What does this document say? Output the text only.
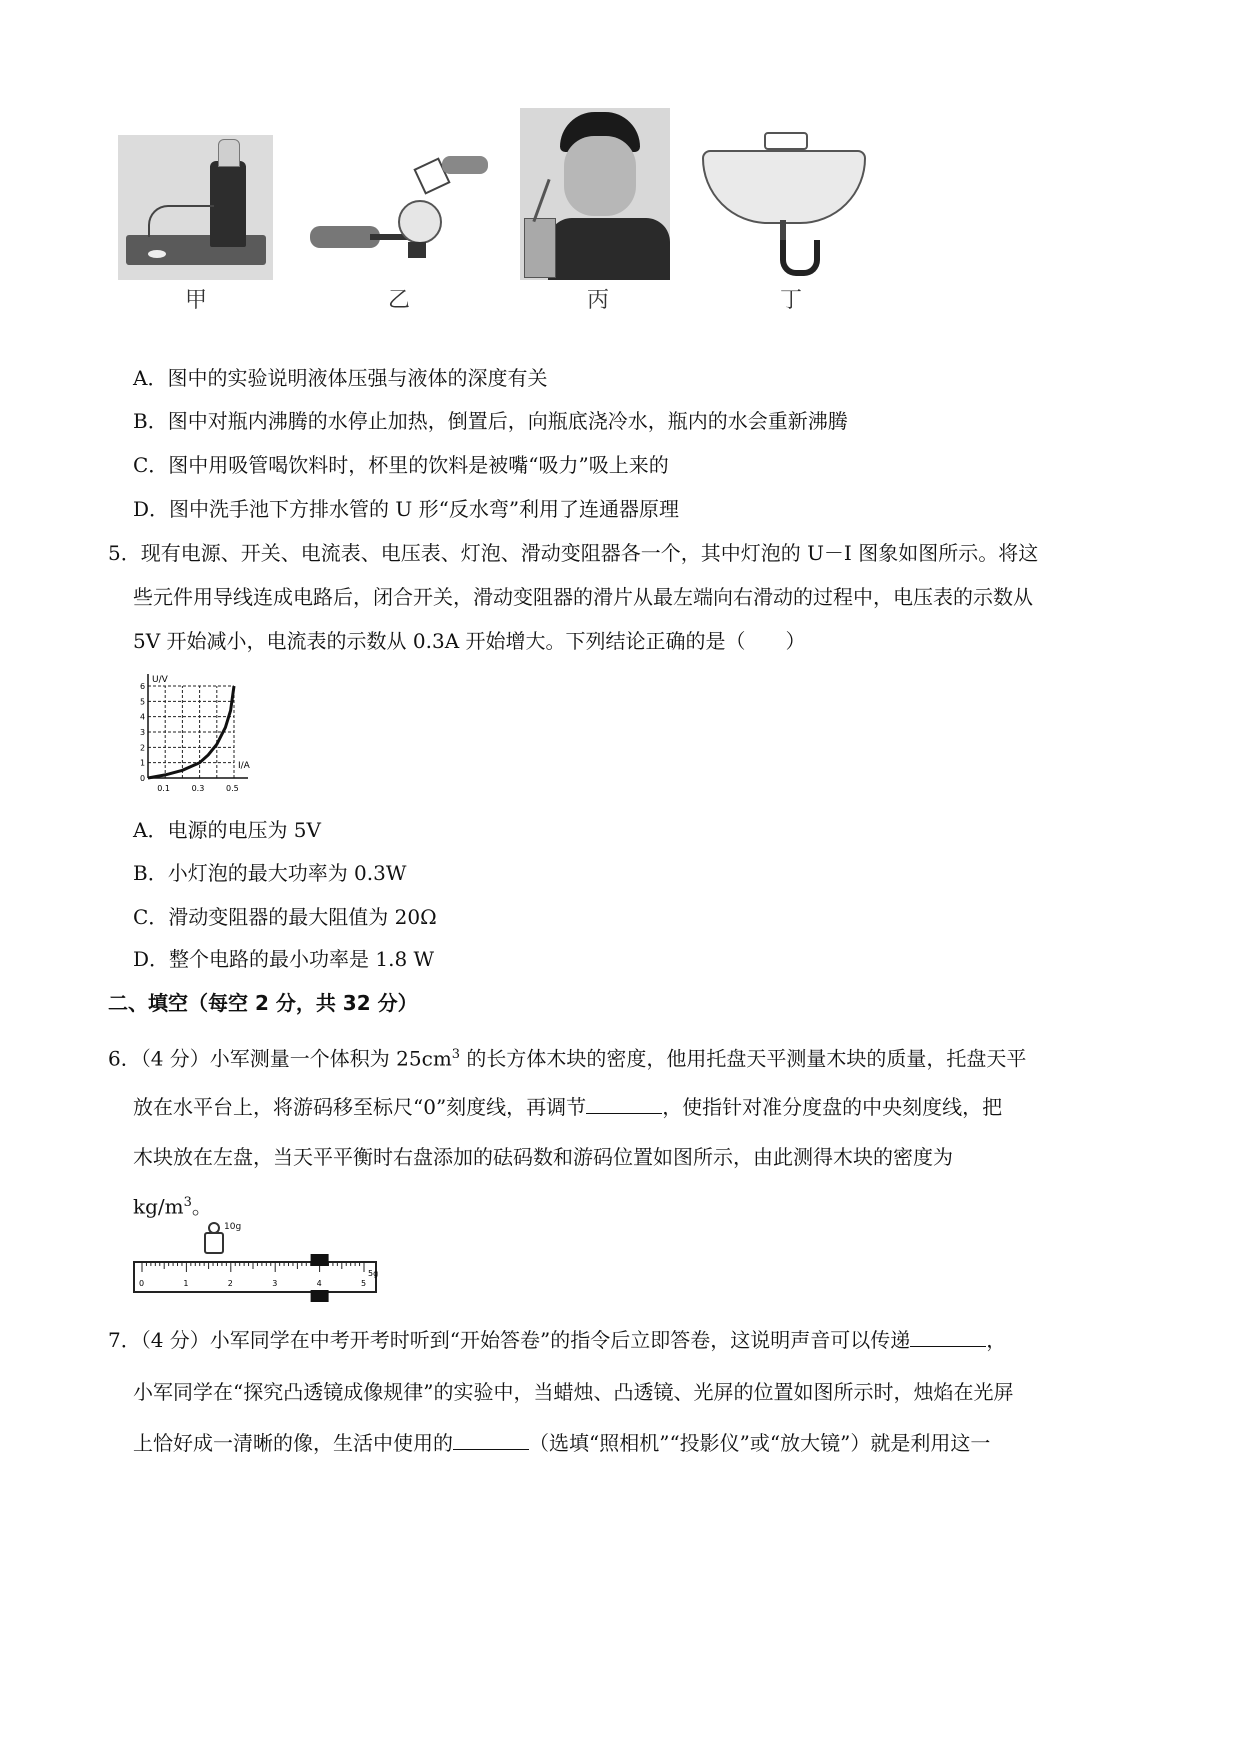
甲	乙	丙	丁
A．图中的实验说明液体压强与液体的深度有关
B．图中对瓶内沸腾的水停止加热，倒置后，向瓶底浇冷水，瓶内的水会重新沸腾
C．图中用吸管喝饮料时，杯里的饮料是被嘴“吸力”吸上来的
D．图中洗手池下方排水管的 U 形“反水弯”利用了连通器原理
5．现有电源、开关、电流表、电压表、灯泡、滑动变阻器各一个，其中灯泡的 U－I 图象如图所示。将这
些元件用导线连成电路后，闭合开关，滑动变阻器的滑片从最左端向右滑动的过程中，电压表的示数从
5V 开始减小，电流表的示数从 0.3A 开始增大。下列结论正确的是（　　）
0
1
2
3
4
5
6
0.1	0.3	0.5
U/V
I/A
A．电源的电压为 5V
B．小灯泡的最大功率为 0.3W
C．滑动变阻器的最大阻值为 20Ω
D．整个电路的最小功率是 1.8 W
二、填空（每空 2 分，共 32 分）
6．（4 分）小军测量一个体积为 $25cm^3$ 的长方体木块的密度，他用托盘天平测量木块的质量，托盘天平
放在水平台上，将游码移至标尺“0”刻度线，再调节	，使指针对准分度盘的中央刻度线，把
木块放在左盘，当天平平衡时右盘添加的砝码数和游码位置如图所示，由此测得木块的密度为
$kg/m^3$。
10g
0	1	2	3	4	5
5g
7．（4 分）小军同学在中考开考时听到“开始答卷”的指令后立即答卷，这说明声音可以传递	，
小军同学在“探究凸透镜成像规律”的实验中，当蜡烛、凸透镜、光屏的位置如图所示时，烛焰在光屏
上恰好成一清晰的像，生活中使用的	（选填“照相机”“投影仪”或“放大镜”）就是利用这一
